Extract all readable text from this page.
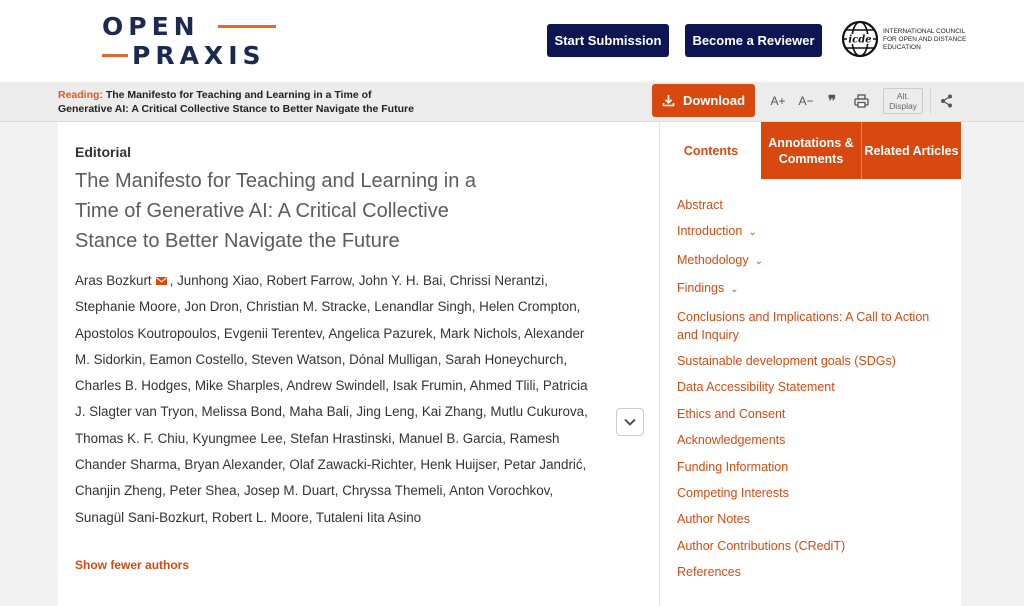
OPEN
PRAXIS
Start Submission	Become a Reviewer	icde
INTERNATIONAL COUNCIL FOR OPEN AND DISTANCE EDUCATION
Reading: The Manifesto for Teaching and Learning in a Time of Generative AI: A Critical Collective Stance to Better Navigate the Future
Download A+ A− ❞	Alt.
Display
Editorial
The Manifesto for Teaching and Learning in a Time of Generative AI: A Critical Collective Stance to Better Navigate the Future
Aras Bozkurt , Junhong Xiao, Robert Farrow, John Y. H. Bai, Chrissi Nerantzi, Stephanie Moore, Jon Dron, Christian M. Stracke, Lenandlar Singh, Helen Crompton, Apostolos Koutropoulos, Evgenii Terentev, Angelica Pazurek, Mark Nichols, Alexander M. Sidorkin, Eamon Costello, Steven Watson, Dónal Mulligan, Sarah Honeychurch, Charles B. Hodges, Mike Sharples, Andrew Swindell, Isak Frumin, Ahmed Tlili, Patricia J. Slagter van Tryon, Melissa Bond, Maha Bali, Jing Leng, Kai Zhang, Mutlu Cukurova, Thomas K. F. Chiu, Kyungmee Lee, Stefan Hrastinski, Manuel B. Garcia, Ramesh Chander Sharma, Bryan Alexander, Olaf Zawacki-Richter, Henk Huijser, Petar Jandrić, Chanjin Zheng, Peter Shea, Josep M. Duart, Chryssa Themeli, Anton Vorochkov, Sunagül Sani-Bozkurt, Robert L. Moore, Tutaleni Iita Asino
Show fewer authors
Contents
Annotations & Comments
Related Articles
Abstract
Introduction ⌄
Methodology ⌄
Findings ⌄
Conclusions and Implications: A Call to Action and Inquiry
Sustainable development goals (SDGs)
Data Accessibility Statement
Ethics and Consent
Acknowledgements
Funding Information
Competing Interests
Author Notes
Author Contributions (CRediT)
References
